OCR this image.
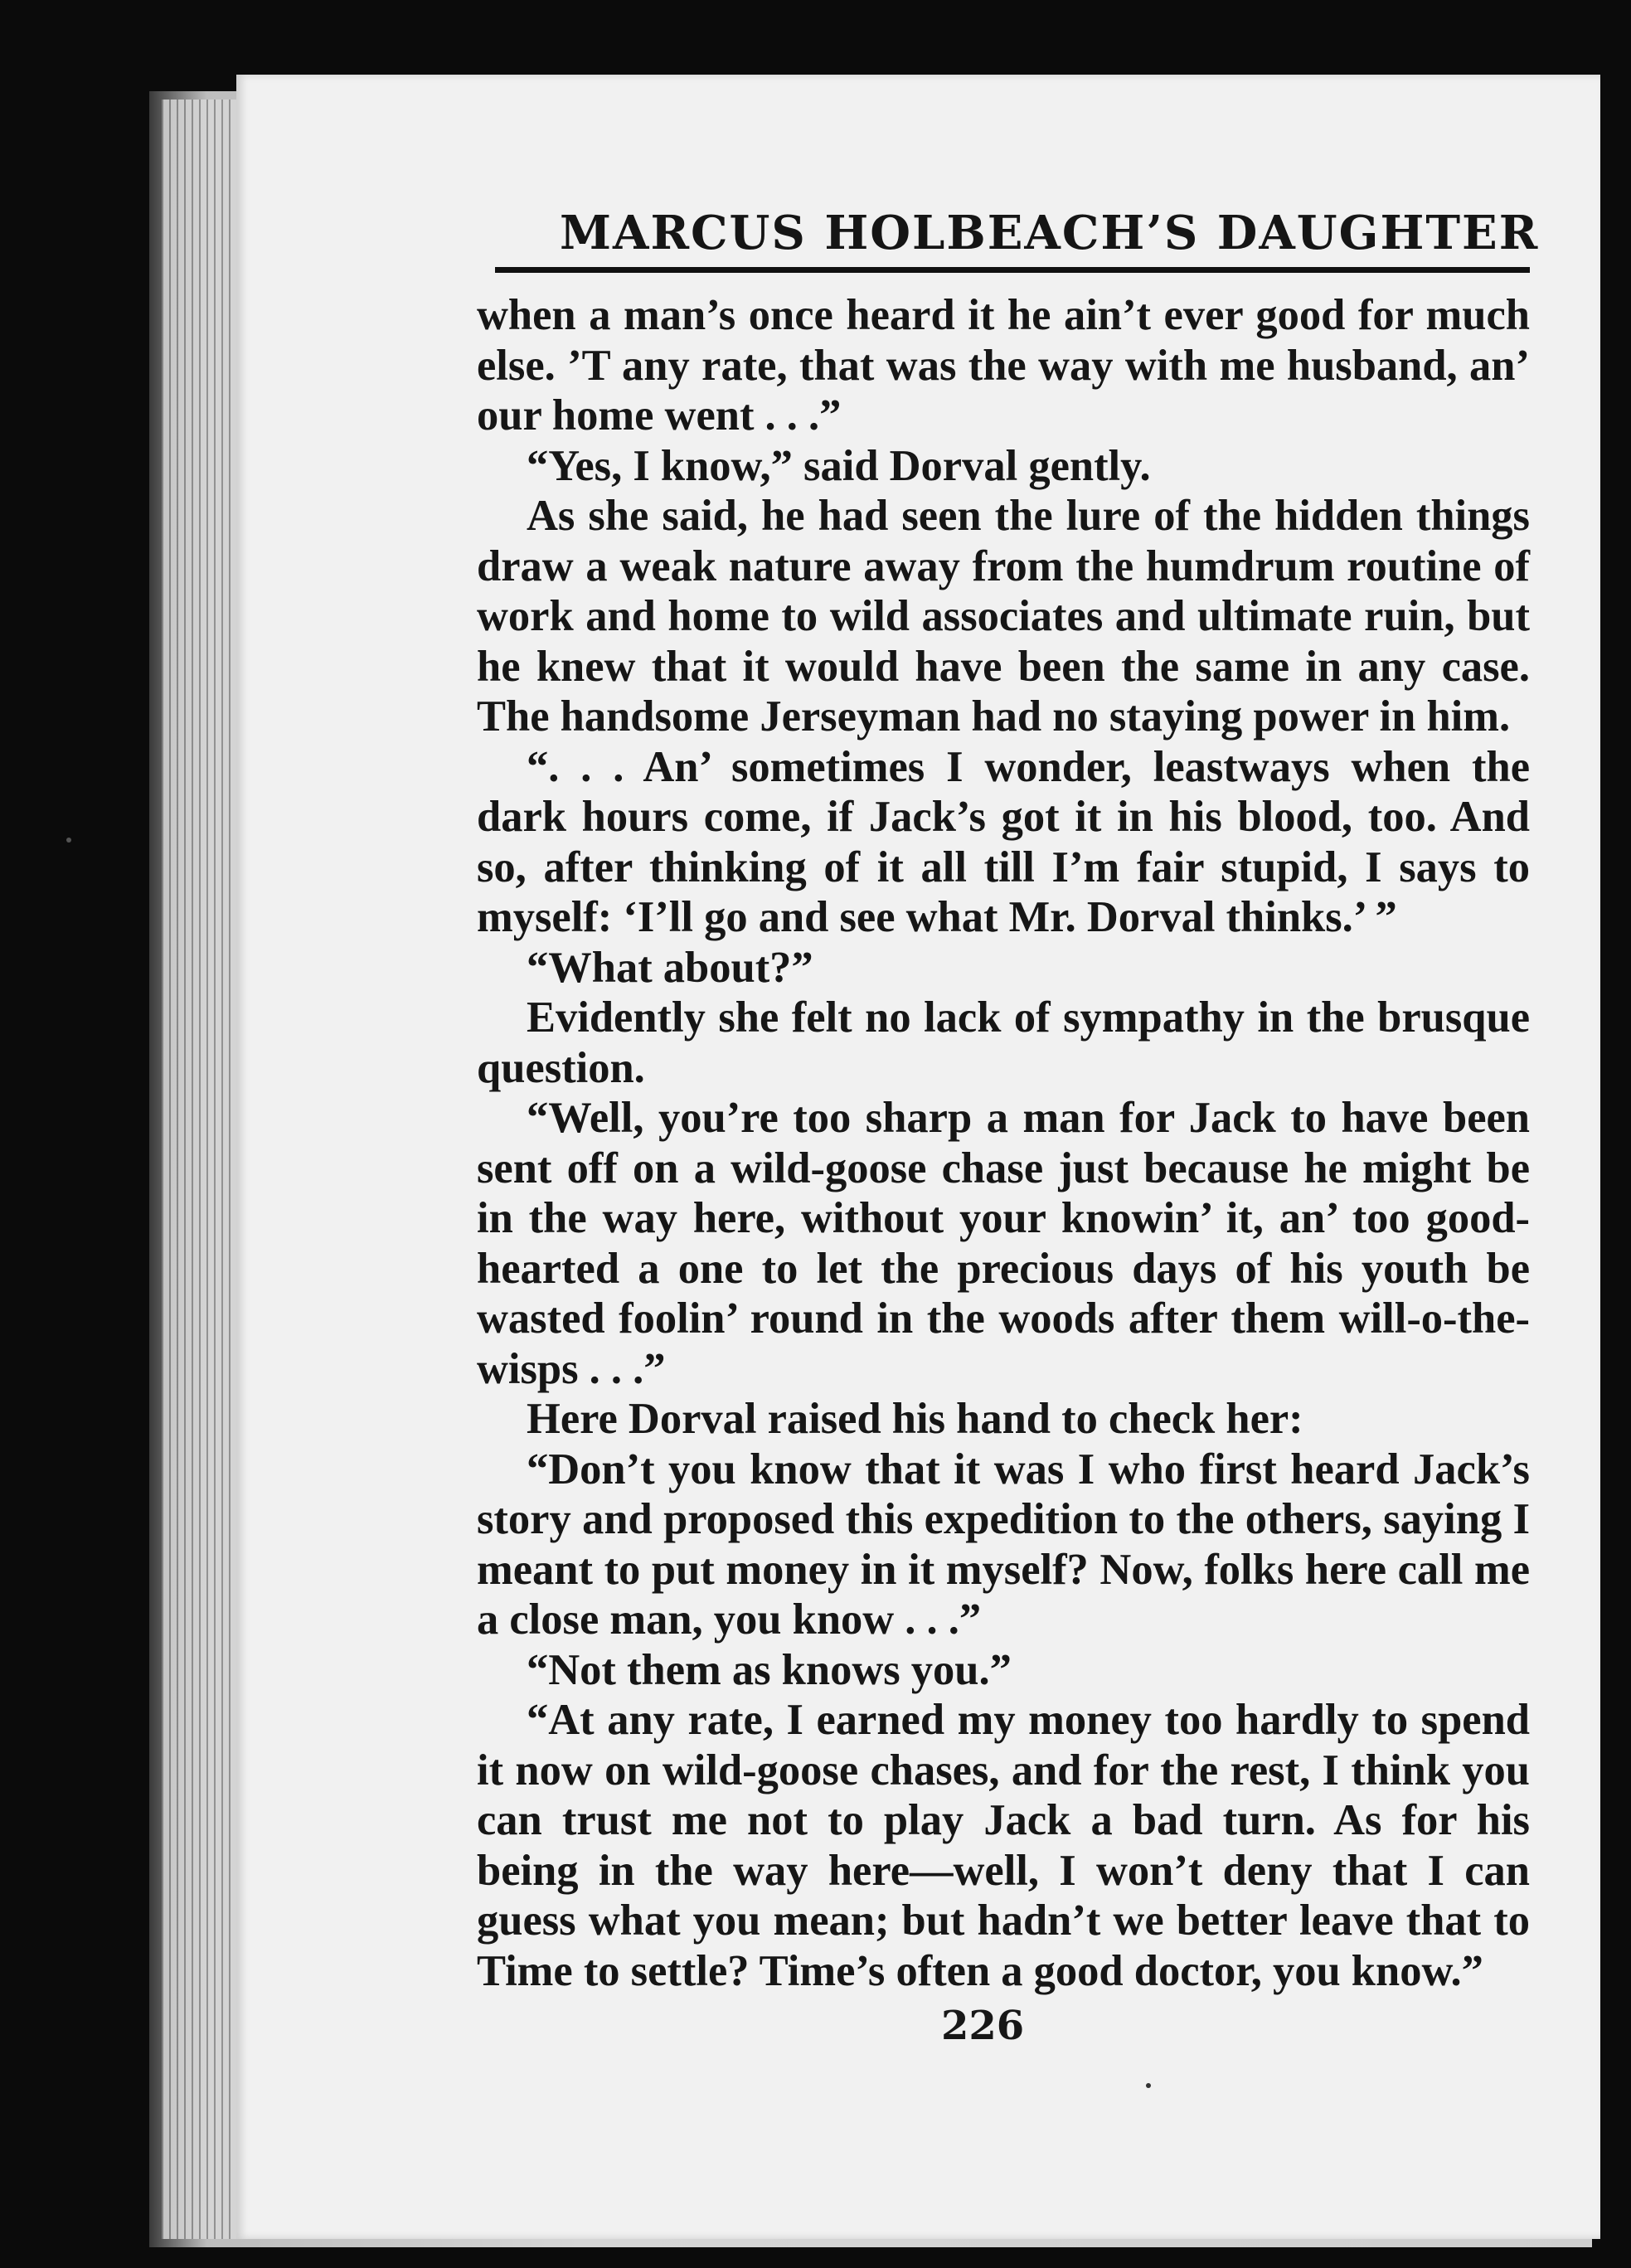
MARCUS HOLBEACH’S DAUGHTER

when a man’s once heard it he ain’t ever good for much else. ’T any rate, that was the way with me husband, an’ our home went . . .”

“Yes, I know,” said Dorval gently.

As she said, he had seen the lure of the hidden things draw a weak nature away from the humdrum routine of work and home to wild associates and ultimate ruin, but he knew that it would have been the same in any case. The handsome Jerseyman had no staying power in him.

“. . . An’ sometimes I wonder, leastways when the dark hours come, if Jack’s got it in his blood, too. And so, after thinking of it all till I’m fair stupid, I says to myself: ‘I’ll go and see what Mr. Dorval thinks.’ ”

“What about?”

Evidently she felt no lack of sympathy in the brusque question.

“Well, you’re too sharp a man for Jack to have been sent off on a wild-goose chase just because he might be in the way here, without your knowin’ it, an’ too good-hearted a one to let the precious days of his youth be wasted foolin’ round in the woods after them will-o-the-wisps . . .”

Here Dorval raised his hand to check her:

“Don’t you know that it was I who first heard Jack’s story and proposed this expedition to the others, saying I meant to put money in it myself? Now, folks here call me a close man, you know . . .”

“Not them as knows you.”

“At any rate, I earned my money too hardly to spend it now on wild-goose chases, and for the rest, I think you can trust me not to play Jack a bad turn. As for his being in the way here—well, I won’t deny that I can guess what you mean; but hadn’t we better leave that to Time to settle? Time’s often a good doctor, you know.”

226
